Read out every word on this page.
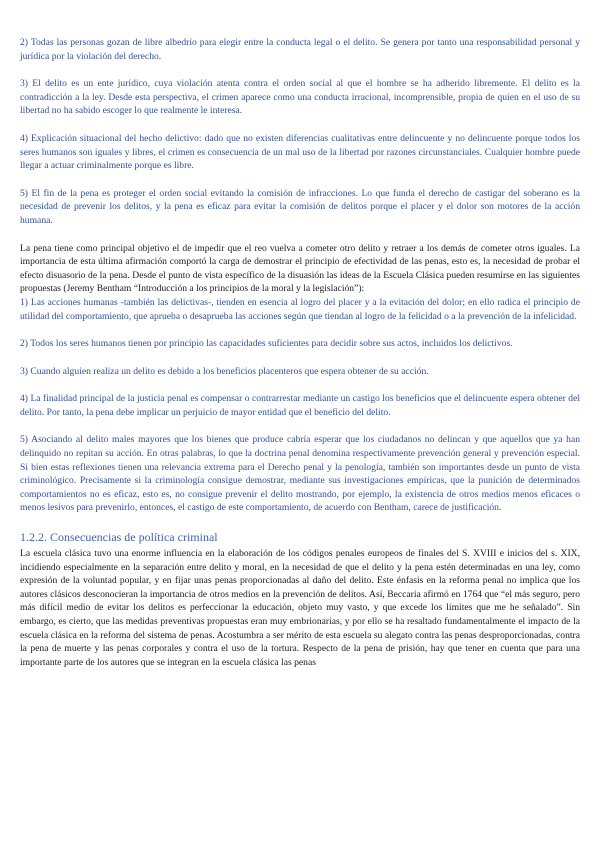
2) Todas las personas gozan de libre albedrío para elegir entre la conducta legal o el delito. Se genera por tanto una responsabilidad personal y jurídica por la violación del derecho.

3) El delito es un ente jurídico, cuya violación atenta contra el orden social al que el hombre se ha adherido libremente. El delito es la contradicción a la ley. Desde esta perspectiva, el crimen aparece como una conducta irracional, incomprensible, propia de quien en el uso de su libertad no ha sabido escoger lo que realmente le interesa.

4) Explicación situacional del hecho delictivo: dado que no existen diferencias cualitativas entre delincuente y no delincuente porque todos los seres humanos son iguales y libres, el crimen es consecuencia de un mal uso de la libertad por razones circunstanciales. Cualquier hombre puede llegar a actuar criminalmente porque es libre.

5) El fin de la pena es proteger el orden social evitando la comisión de infracciones. Lo que funda el derecho de castigar del soberano es la necesidad de prevenir los delitos, y la pena es eficaz para evitar la comisión de delitos porque el placer y el dolor son motores de la acción humana.

La pena tiene como principal objetivo el de impedir que el reo vuelva a cometer otro delito y retraer a los demás de cometer otros iguales. La importancia de esta última afirmación comportó la carga de demostrar el principio de efectividad de las penas, esto es, la necesidad de probar el efecto disuasorio de la pena. Desde el punto de vista específico de la disuasión las ideas de la Escuela Clásica pueden resumirse en las siguientes propuestas (Jeremy Bentham “Introducción a los principios de la moral y la legislación”):

1) Las acciones humanas -también las delictivas-, tienden en esencia al logro del placer y a la evitación del dolor; en ello radica el principio de utilidad del comportamiento, que aprueba o desaprueba las acciones según que tiendan al logro de la felicidad o a la prevención de la infelicidad.

2) Todos los seres humanos tienen por principio las capacidades suficientes para decidir sobre sus actos, incluidos los delictivos.

3) Cuando alguien realiza un delito es debido a los beneficios placenteros que espera obtener de su acción.

4) La finalidad principal de la justicia penal es compensar o contrarrestar mediante un castigo los beneficios que el delincuente espera obtener del delito. Por tanto, la pena debe implicar un perjuicio de mayor entidad que el beneficio del delito.

5) Asociando al delito males mayores que los bienes que produce cabría esperar que los ciudadanos no delincan y que aquellos que ya han delinquido no repitan su acción. En otras palabras, lo que la doctrina penal denomina respectivamente prevención general y prevención especial. Si bien estas reflexiones tienen una relevancia extrema para el Derecho penal y la penología, también son importantes desde un punto de vista criminológico. Precisamente si la criminología consigue demostrar, mediante sus investigaciones empíricas, que la punición de determinados comportamientos no es eficaz, esto es, no consigue prevenir el delito mostrando, por ejemplo, la existencia de otros medios menos eficaces o menos lesivos para prevenirlo, entonces, el castigo de este comportamiento, de acuerdo con Bentham, carece de justificación.

1.2.2. Consecuencias de política criminal

La escuela clásica tuvo una enorme influencia en la elaboración de los códigos penales europeos de finales del S. XVIII e inicios del s. XIX, incidiendo especialmente en la separación entre delito y moral, en la necesidad de que el delito y la pena estén determinadas en una ley, como expresión de la voluntad popular, y en fijar unas penas proporcionadas al daño del delito. Este énfasis en la reforma penal no implica que los autores clásicos desconocieran la importancia de otros medios en la prevención de delitos. Así, Beccaría afirmó en 1764 que “el más seguro, pero más difícil medio de evitar los delitos es perfeccionar la educación, objeto muy vasto, y que excede los límites que me he señalado”. Sin embargo, es cierto, que las medidas preventivas propuestas eran muy embrionarias, y por ello se ha resaltado fundamentalmente el impacto de la escuela clásica en la reforma del sistema de penas. Acostumbra a ser mérito de esta escuela su alegato contra las penas desproporcionadas, contra la pena de muerte y las penas corporales y contra el uso de la tortura. Respecto de la pena de prisión, hay que tener en cuenta que para una importante parte de los autores que se integran en la escuela clásica las penas
